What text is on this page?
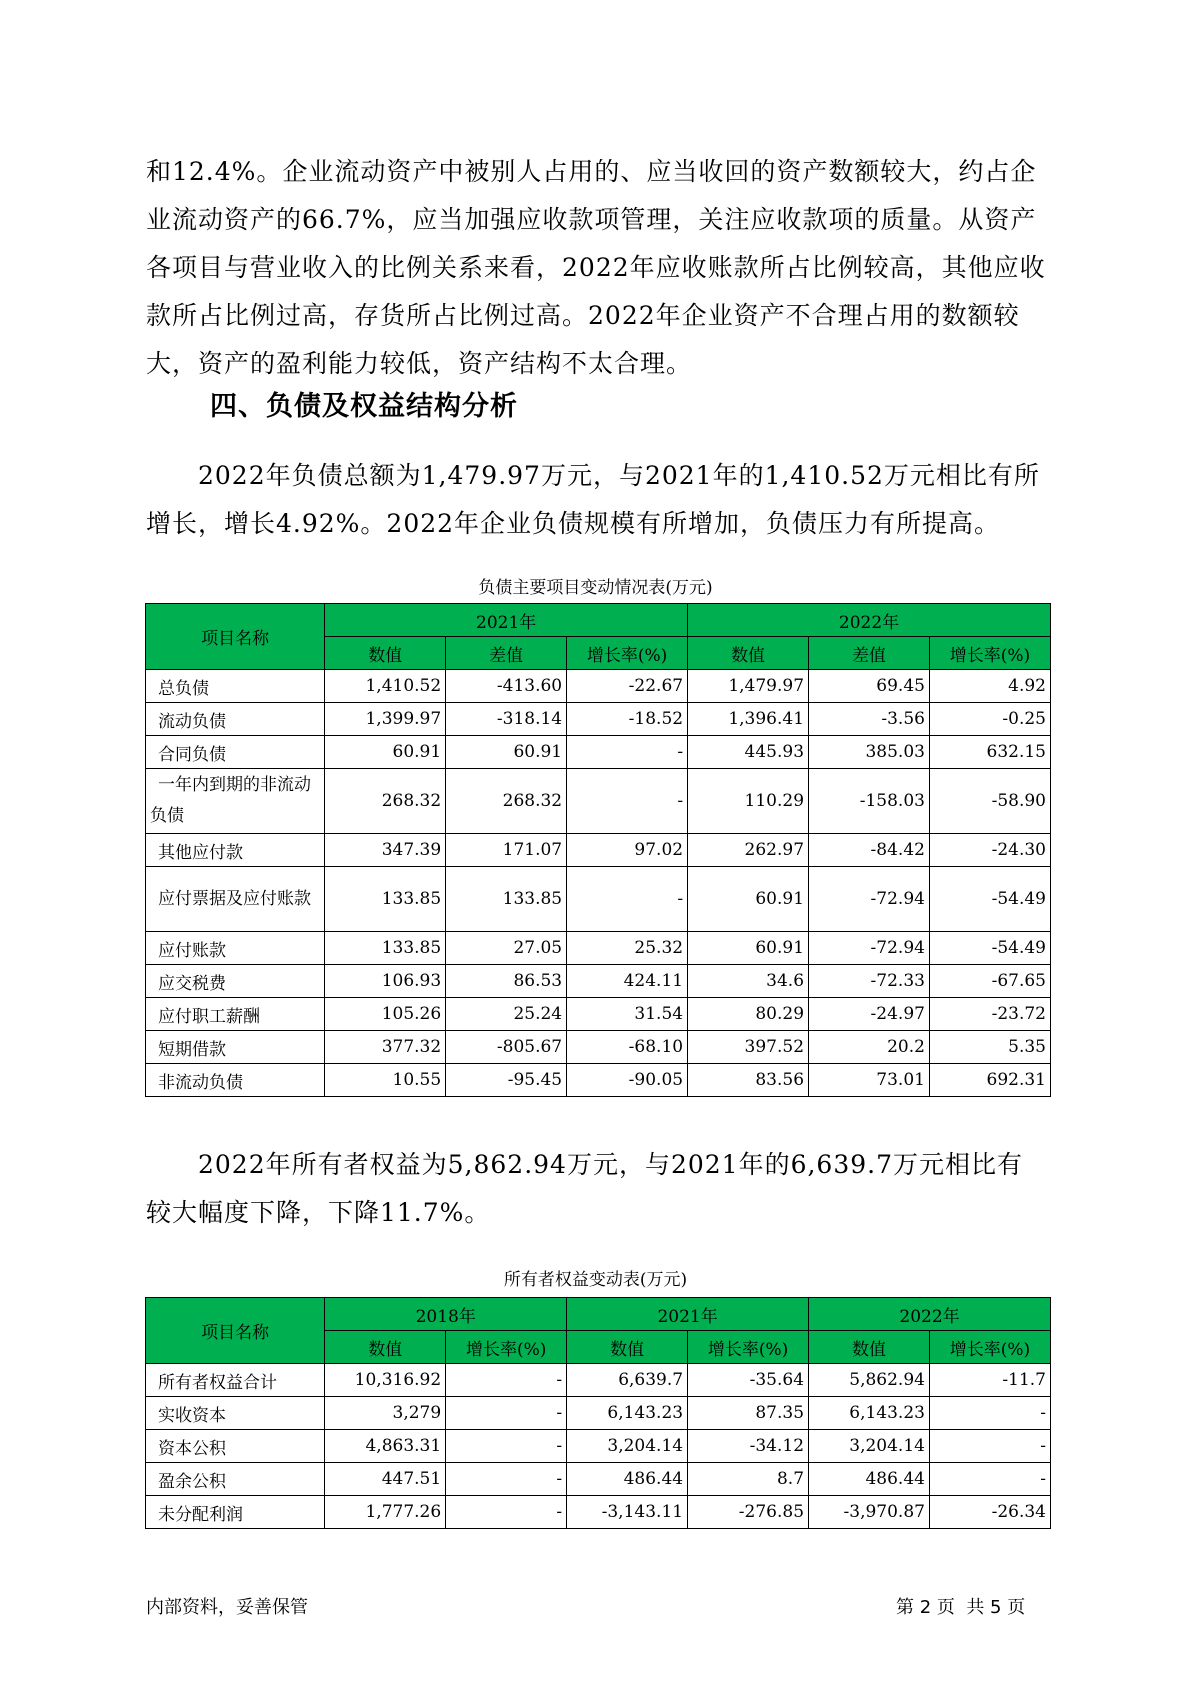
和12.4%。企业流动资产中被别人占用的、应当收回的资产数额较大，约占企业流动资产的66.7%，应当加强应收款项管理，关注应收款项的质量。从资产各项目与营业收入的比例关系来看，2022年应收账款所占比例较高，其他应收款所占比例过高，存货所占比例过高。2022年企业资产不合理占用的数额较大，资产的盈利能力较低，资产结构不太合理。

四、负债及权益结构分析

2022年负债总额为1,479.97万元，与2021年的1,410.52万元相比有所增长，增长4.92%。2022年企业负债规模有所增加，负债压力有所提高。

负债主要项目变动情况表(万元)
项目名称	2021年			2022年		
	数值	差值	增长率(%)	数值	差值	增长率(%)
总负债	1,410.52	-413.60	-22.67	1,479.97	69.45	4.92
流动负债	1,399.97	-318.14	-18.52	1,396.41	-3.56	-0.25
合同负债	60.91	60.91	-	445.93	385.03	632.15
一年内到期的非流动负债	268.32	268.32	-	110.29	-158.03	-58.90
其他应付款	347.39	171.07	97.02	262.97	-84.42	-24.30
应付票据及应付账款	133.85	133.85	-	60.91	-72.94	-54.49
应付账款	133.85	27.05	25.32	60.91	-72.94	-54.49
应交税费	106.93	86.53	424.11	34.6	-72.33	-67.65
应付职工薪酬	105.26	25.24	31.54	80.29	-24.97	-23.72
短期借款	377.32	-805.67	-68.10	397.52	20.2	5.35
非流动负债	10.55	-95.45	-90.05	83.56	73.01	692.31

2022年所有者权益为5,862.94万元，与2021年的6,639.7万元相比有较大幅度下降，下降11.7%。

所有者权益变动表(万元)
项目名称	2018年		2021年		2022年	
	数值	增长率(%)	数值	增长率(%)	数值	增长率(%)
所有者权益合计	10,316.92	-	6,639.7	-35.64	5,862.94	-11.7
实收资本	3,279	-	6,143.23	87.35	6,143.23	-
资本公积	4,863.31	-	3,204.14	-34.12	3,204.14	-
盈余公积	447.51	-	486.44	8.7	486.44	-
未分配利润	1,777.26	-	-3,143.11	-276.85	-3,970.87	-26.34
内部资料，妥善保管	第 2 页  共 5 页
